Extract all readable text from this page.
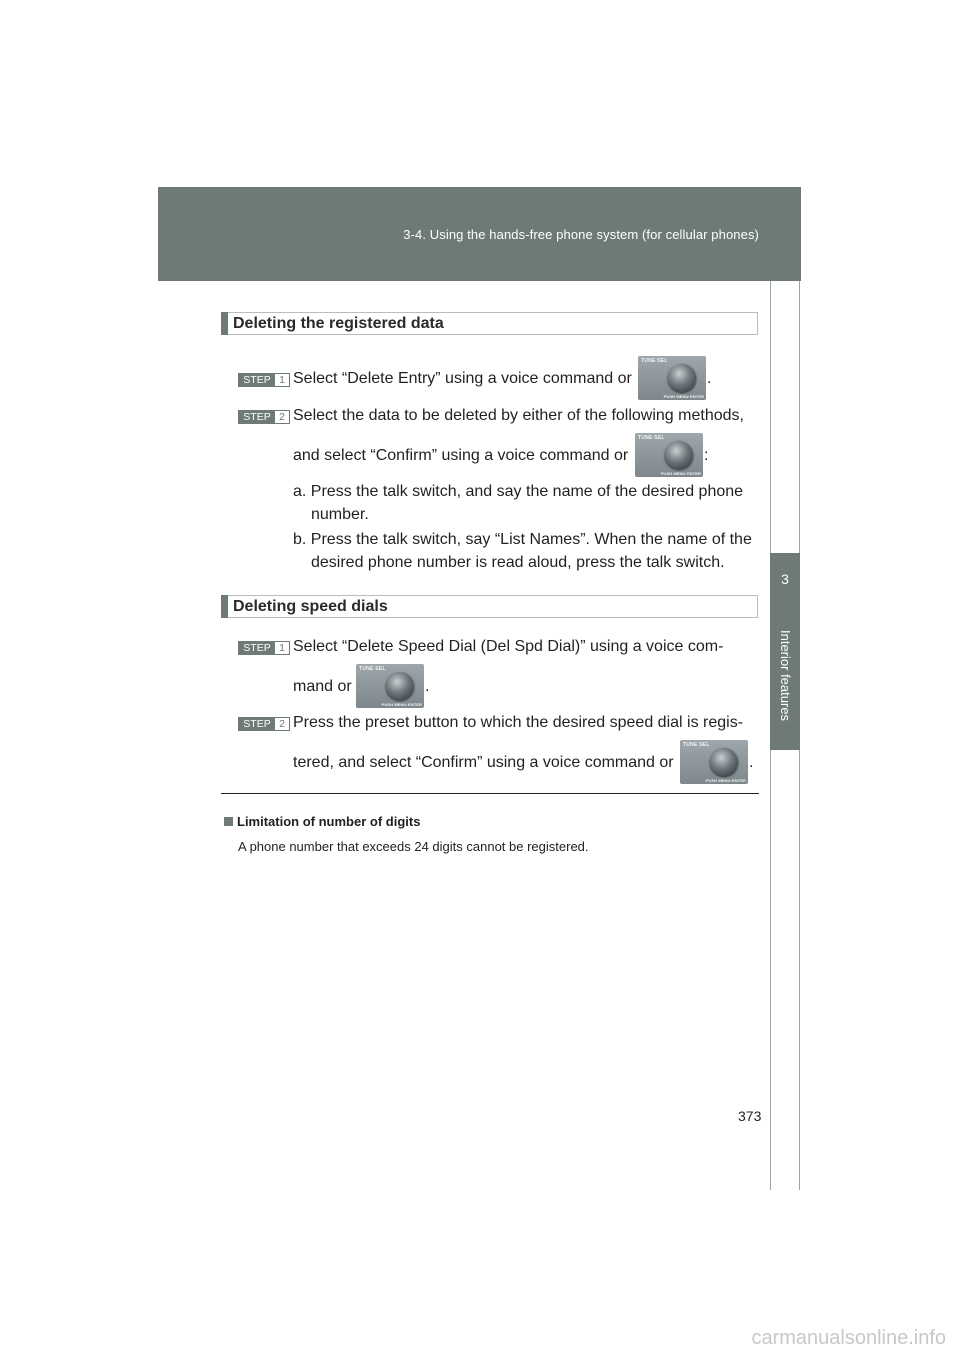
3-4. Using the hands-free phone system (for cellular phones)
3
Interior features
Deleting the registered data
STEP 1 Select “Delete Entry” using a voice command or
TUNE·SEL
PUSH MENU·ENTER
.
STEP 2 Select the data to be deleted by either of the following methods,
and select “Confirm” using a voice command or
TUNE·SEL
PUSH MENU·ENTER
:
a. Press the talk switch, and say the name of the desired phone
number.
b. Press the talk switch, say “List Names”. When the name of the
desired phone number is read aloud, press the talk switch.
Deleting speed dials
STEP 1 Select “Delete Speed Dial (Del Spd Dial)” using a voice com-
mand or
TUNE·SEL
PUSH MENU·ENTER
.
STEP 2 Press the preset button to which the desired speed dial is regis-
tered, and select “Confirm” using a voice command or
TUNE·SEL
PUSH MENU·ENTER
.
Limitation of number of digits
A phone number that exceeds 24 digits cannot be registered.
373
carmanualsonline.info
